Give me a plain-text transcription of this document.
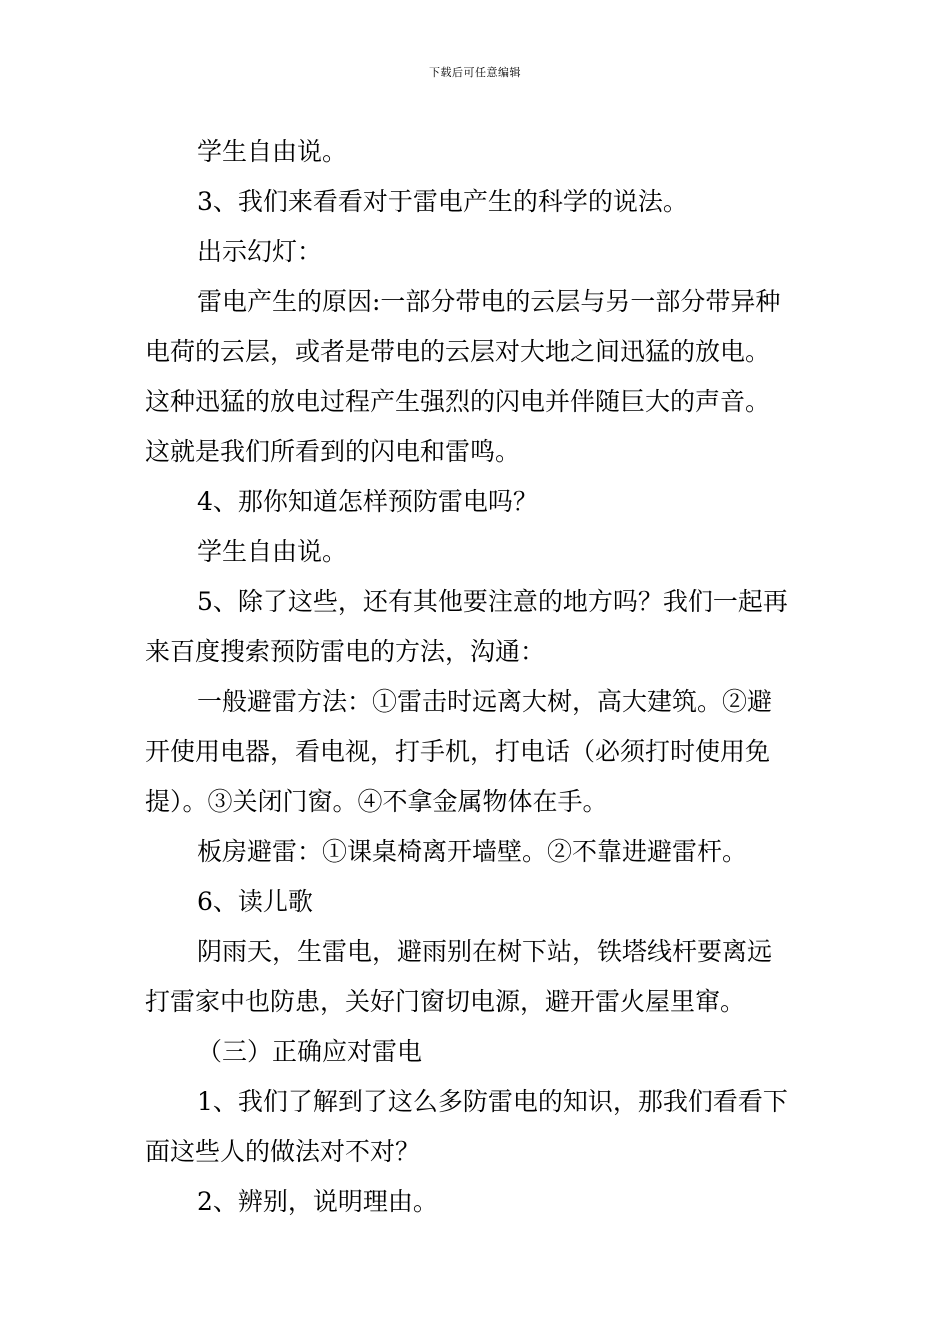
下载后可任意编辑
学生自由说。
3、我们来看看对于雷电产生的科学的说法。
出示幻灯：
雷电产生的原因:一部分带电的云层与另一部分带异种
电荷的云层，或者是带电的云层对大地之间迅猛的放电。
这种迅猛的放电过程产生强烈的闪电并伴随巨大的声音。
这就是我们所看到的闪电和雷鸣。
4、那你知道怎样预防雷电吗？
学生自由说。
5、除了这些，还有其他要注意的地方吗？我们一起再
来百度搜索预防雷电的方法，沟通：
一般避雷方法：①雷击时远离大树，高大建筑。②避
开使用电器，看电视，打手机，打电话（必须打时使用免
提）。③关闭门窗。④不拿金属物体在手。
板房避雷：①课桌椅离开墙壁。②不靠进避雷杆。
6、读儿歌
阴雨天，生雷电，避雨别在树下站，铁塔线杆要离远
打雷家中也防患，关好门窗切电源，避开雷火屋里窜。
（三）正确应对雷电
1、我们了解到了这么多防雷电的知识，那我们看看下
面这些人的做法对不对？
2、辨别，说明理由。
